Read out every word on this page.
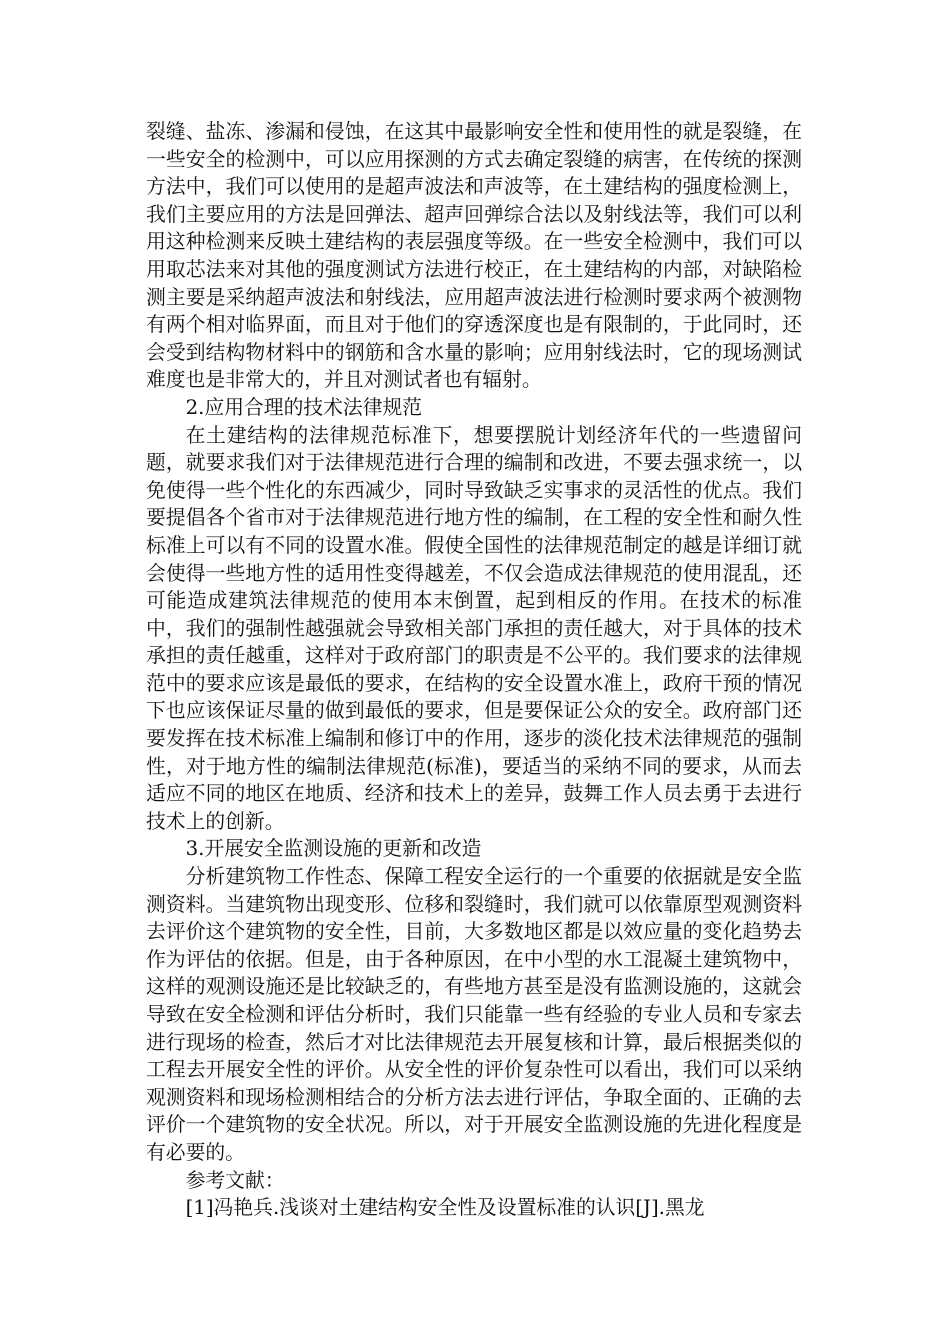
裂缝、盐冻、渗漏和侵蚀，在这其中最影响安全性和使用性的就是裂缝，在一些安全的检测中，可以应用探测的方式去确定裂缝的病害，在传统的探测方法中，我们可以使用的是超声波法和声波等，在土建结构的强度检测上，我们主要应用的方法是回弹法、超声回弹综合法以及射线法等，我们可以利用这种检测来反映土建结构的表层强度等级。在一些安全检测中，我们可以用取芯法来对其他的强度测试方法进行校正，在土建结构的内部，对缺陷检测主要是采纳超声波法和射线法，应用超声波法进行检测时要求两个被测物有两个相对临界面，而且对于他们的穿透深度也是有限制的，于此同时，还会受到结构物材料中的钢筋和含水量的影响；应用射线法时，它的现场测试难度也是非常大的，并且对测试者也有辐射。

2.应用合理的技术法律规范

在土建结构的法律规范标准下，想要摆脱计划经济年代的一些遗留问题，就要求我们对于法律规范进行合理的编制和改进，不要去强求统一，以免使得一些个性化的东西减少，同时导致缺乏实事求的灵活性的优点。我们要提倡各个省市对于法律规范进行地方性的编制，在工程的安全性和耐久性标准上可以有不同的设置水准。假使全国性的法律规范制定的越是详细订就会使得一些地方性的适用性变得越差，不仅会造成法律规范的使用混乱，还可能造成建筑法律规范的使用本末倒置，起到相反的作用。在技术的标准中，我们的强制性越强就会导致相关部门承担的责任越大，对于具体的技术承担的责任越重，这样对于政府部门的职责是不公平的。我们要求的法律规范中的要求应该是最低的要求，在结构的安全设置水准上，政府干预的情况下也应该保证尽量的做到最低的要求，但是要保证公众的安全。政府部门还要发挥在技术标准上编制和修订中的作用，逐步的淡化技术法律规范的强制性，对于地方性的编制法律规范(标准)，要适当的采纳不同的要求，从而去适应不同的地区在地质、经济和技术上的差异，鼓舞工作人员去勇于去进行技术上的创新。

3.开展安全监测设施的更新和改造

分析建筑物工作性态、保障工程安全运行的一个重要的依据就是安全监测资料。当建筑物出现变形、位移和裂缝时，我们就可以依靠原型观测资料去评价这个建筑物的安全性，目前，大多数地区都是以效应量的变化趋势去作为评估的依据。但是，由于各种原因，在中小型的水工混凝土建筑物中，这样的观测设施还是比较缺乏的，有些地方甚至是没有监测设施的，这就会导致在安全检测和评估分析时，我们只能靠一些有经验的专业人员和专家去进行现场的检查，然后才对比法律规范去开展复核和计算，最后根据类似的工程去开展安全性的评价。从安全性的评价复杂性可以看出，我们可以采纳观测资料和现场检测相结合的分析方法去进行评估，争取全面的、正确的去评价一个建筑物的安全状况。所以，对于开展安全监测设施的先进化程度是有必要的。

参考文献：

[1]冯艳兵.浅谈对土建结构安全性及设置标准的认识[J].黑龙
